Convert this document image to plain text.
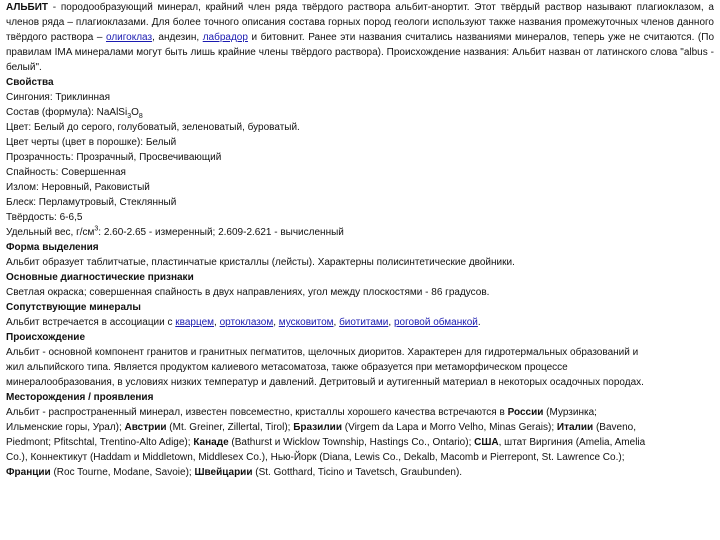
АЛЬБИТ - породообразующий минерал, крайний член ряда твёрдого раствора альбит-анортит. Этот твёрдый раствор называют плагиоклазом, а членов ряда – плагиоклазами. Для более точного описания состава горных пород геологи используют также названия промежуточных членов данного твёрдого раствора – олигоклаз, андезин, лабрадор и битовнит. Ранее эти названия считались названиями минералов, теперь уже не считаются. (По правилам IMA минералами могут быть лишь крайние члены твёрдого раствора). Происхождение названия: Альбит назван от латинского слова "albus - белый".

Свойства
Сингония: Триклинная
Состав (формула): $NaAlSi_3O_8$
Цвет: Белый до серого, голубоватый, зеленоватый, буроватый.
Цвет черты (цвет в порошке): Белый
Прозрачность: Прозрачный, Просвечивающий
Спайность: Совершенная
Излом: Неровный, Раковистый
Блеск: Перламутровый, Стеклянный
Твёрдость: 6-6,5
Удельный вес, $г/см^3$: 2.60-2.65 - измеренный; 2.609-2.621 - вычисленный
Форма выделения
Альбит образует таблитчатые, пластинчатые кристаллы (лейсты). Характерны полисинтетические двойники.
Основные диагностические признаки
Светлая окраска; совершенная спайность в двух направлениях, угол между плоскостями - 86 градусов.
Сопутствующие минералы
Альбит встречается в ассоциации с кварцем, ортоклазом, мусковитом, биотитами, роговой обманкой.
Происхождение
Альбит - основной компонент гранитов и гранитных пегматитов, щелочных диоритов. Характерен для гидротермальных образований и
жил альпийского типа. Является продуктом калиевого метасоматоза, также образуется при метаморфическом процессе
минералообразования, в условиях низких температур и давлений. Детритовый и аутигенный материал в некоторых осадочных породах.
Месторождения / проявления
Альбит - распространенный минерал, известен повсеместно, кристаллы хорошего качества встречаются в России (Мурзинка;
Ильменские горы, Урал); Австрии (Mt. Greiner, Zillertal, Tirol); Бразилии (Virgem da Lapa и Morro Velho, Minas Gerais); Италии (Baveno,
Piedmont; Pfitschtal, Trentino-Alto Adige); Канаде (Bathurst и Wicklow Township, Hastings Co., Ontario); США, штат Виргиния (Amelia, Amelia
Co.), Коннектикут (Haddam и Middletown, Middlesex Co.), Нью-Йорк (Diana, Lewis Co., Dekalb, Macomb и Pierrepont, St. Lawrence Co.);
Франции (Roc Tourne, Modane, Savoie); Швейцарии (St. Gotthard, Ticino и Tavetsch, Graubunden).
